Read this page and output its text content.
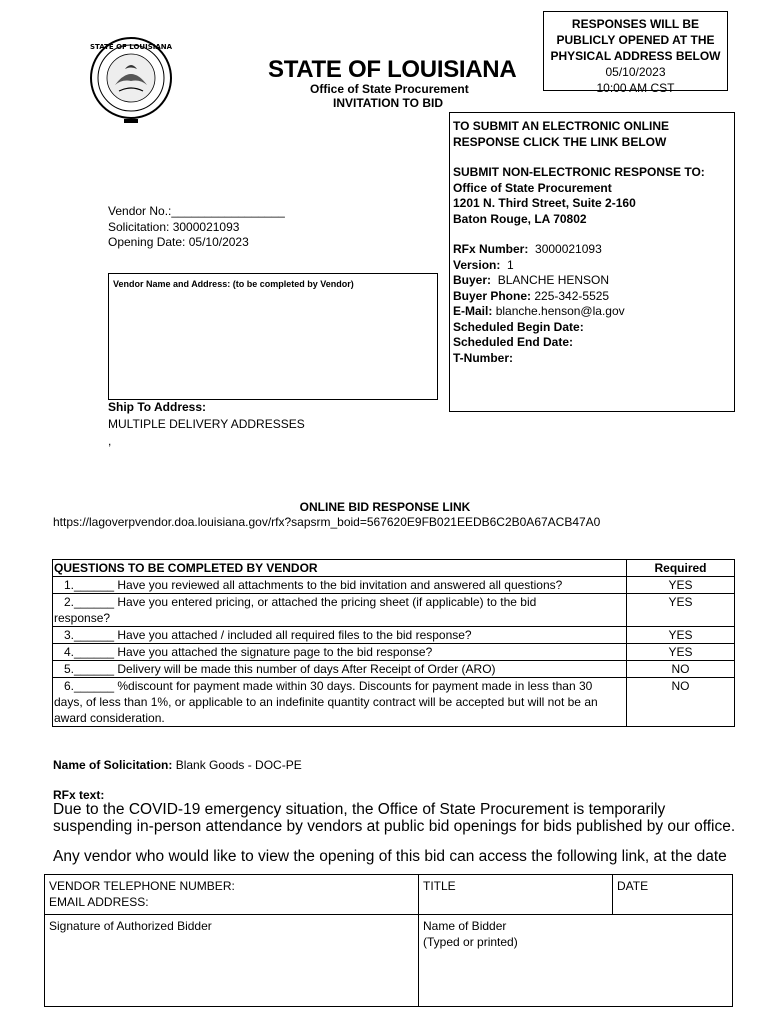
STATE OF LOUISIANA
STATE OF LOUISIANA
Office of State Procurement
INVITATION TO BID
RESPONSES WILL BE
PUBLICLY OPENED AT THE
PHYSICAL ADDRESS BELOW
05/10/2023
10:00 AM CST
TO SUBMIT AN ELECTRONIC ONLINE
RESPONSE CLICK THE LINK BELOW
SUBMIT NON-ELECTRONIC RESPONSE TO:
Office of State Procurement
1201 N. Third Street, Suite 2-160
Baton Rouge, LA 70802
RFx Number: 3000021093
Version: 1
Buyer: BLANCHE HENSON
Buyer Phone: 225-342-5525
E-Mail: blanche.henson@la.gov
Scheduled Begin Date:
Scheduled End Date:
T-Number:
Vendor No.:_________________
Solicitation: 3000021093
Opening Date: 05/10/2023
Vendor Name and Address: (to be completed by Vendor)
Ship To Address:
MULTIPLE DELIVERY ADDRESSES
,
ONLINE BID RESPONSE LINK
https://lagoverpvendor.doa.louisiana.gov/rfx?sapsrm_boid=567620E9FB021EEDB6C2B0A67ACB47A0
QUESTIONS TO BE COMPLETED BY VENDOR	Required

1.______ Have you reviewed all attachments to the bid invitation and answered all questions?	YES

2.______ Have you entered pricing, or attached the pricing sheet (if applicable) to the bid
response?	YES

3.______ Have you attached / included all required files to the bid response?	YES

4.______ Have you attached the signature page to the bid response?	YES

5.______ Delivery will be made this number of days After Receipt of Order (ARO)	NO

6.______ %discount for payment made within 30 days. Discounts for payment made in less than 30
days, of less than 1%, or applicable to an indefinite quantity contract will be accepted but will not be an award consideration.	NO
Name of Solicitation: Blank Goods - DOC-PE
RFx text:
Due to the COVID-19 emergency situation, the Office of State Procurement is temporarily suspending in-person attendance by vendors at public bid openings for bids published by our office.
Any vendor who would like to view the opening of this bid can access the following link, at the date
VENDOR TELEPHONE NUMBER:
EMAIL ADDRESS:	TITLE	DATE
Signature of Authorized Bidder	Name of Bidder
(Typed or printed)	
